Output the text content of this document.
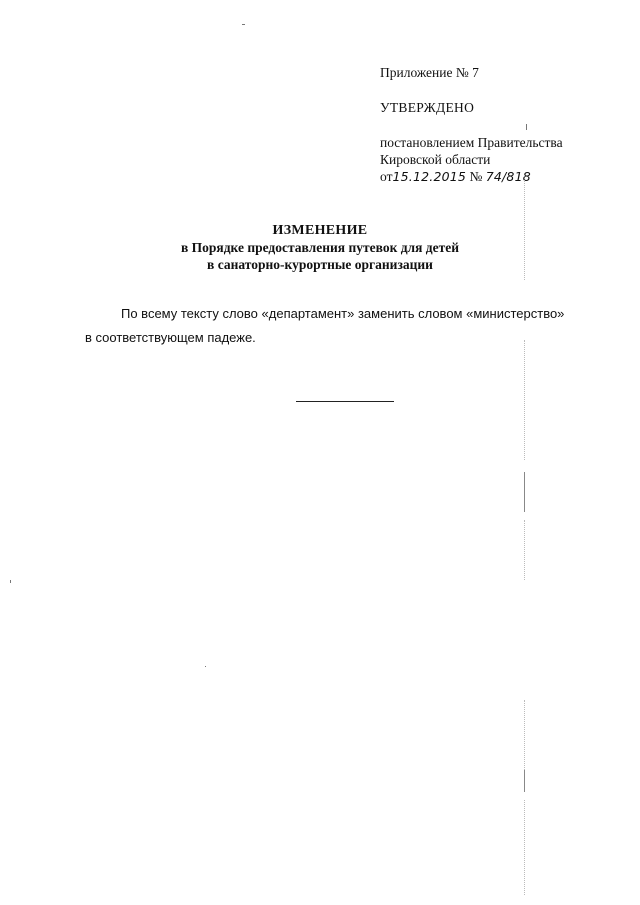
Приложение № 7

УТВЕРЖДЕНО

постановлением Правительства

Кировской области

от15.12.2015 № 74/818

ИЗМЕНЕНИЕ
в Порядке предоставления путевок для детей
в санаторно-курортные организации
По всему тексту слово «департамент» заменить словом «министерство»
в соответствующем падеже.
